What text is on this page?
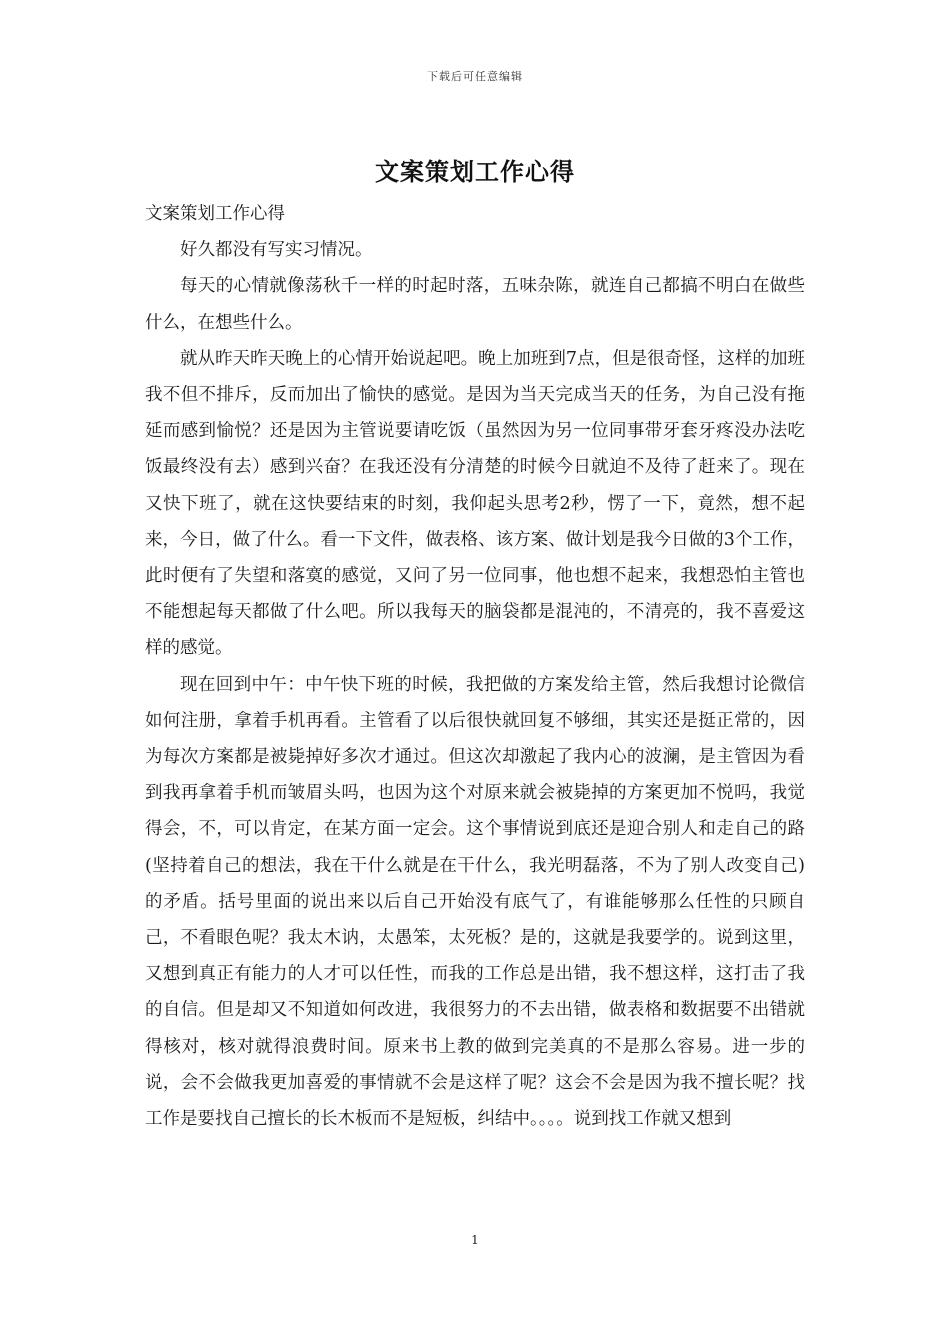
下载后可任意编辑
文案策划工作心得

文案策划工作心得

好久都没有写实习情况。

每天的心情就像荡秋千一样的时起时落，五味杂陈，就连自己都搞不明白在做些什么，在想些什么。

就从昨天昨天晚上的心情开始说起吧。晚上加班到7点，但是很奇怪，这样的加班我不但不排斥，反而加出了愉快的感觉。是因为当天完成当天的任务，为自己没有拖延而感到愉悦？还是因为主管说要请吃饭（虽然因为另一位同事带牙套牙疼没办法吃饭最终没有去）感到兴奋？在我还没有分清楚的时候今日就迫不及待了赶来了。现在又快下班了，就在这快要结束的时刻，我仰起头思考2秒，愣了一下，竟然，想不起来，今日，做了什么。看一下文件，做表格、该方案、做计划是我今日做的3个工作，此时便有了失望和落寞的感觉，又问了另一位同事，他也想不起来，我想恐怕主管也不能想起每天都做了什么吧。所以我每天的脑袋都是混沌的，不清亮的，我不喜爱这样的感觉。

现在回到中午：中午快下班的时候，我把做的方案发给主管，然后我想讨论微信如何注册，拿着手机再看。主管看了以后很快就回复不够细，其实还是挺正常的，因为每次方案都是被毙掉好多次才通过。但这次却激起了我内心的波澜，是主管因为看到我再拿着手机而皱眉头吗，也因为这个对原来就会被毙掉的方案更加不悦吗，我觉得会，不，可以肯定，在某方面一定会。这个事情说到底还是迎合别人和走自己的路(坚持着自己的想法，我在干什么就是在干什么，我光明磊落，不为了别人改变自己)的矛盾。括号里面的说出来以后自己开始没有底气了，有谁能够那么任性的只顾自己，不看眼色呢？我太木讷，太愚笨，太死板？是的，这就是我要学的。说到这里，又想到真正有能力的人才可以任性，而我的工作总是出错，我不想这样，这打击了我的自信。但是却又不知道如何改进，我很努力的不去出错，做表格和数据要不出错就得核对，核对就得浪费时间。原来书上教的做到完美真的不是那么容易。进一步的说，会不会做我更加喜爱的事情就不会是这样了呢？这会不会是因为我不擅长呢？找工作是要找自己擅长的长木板而不是短板，纠结中。。。。说到找工作就又想到

1
